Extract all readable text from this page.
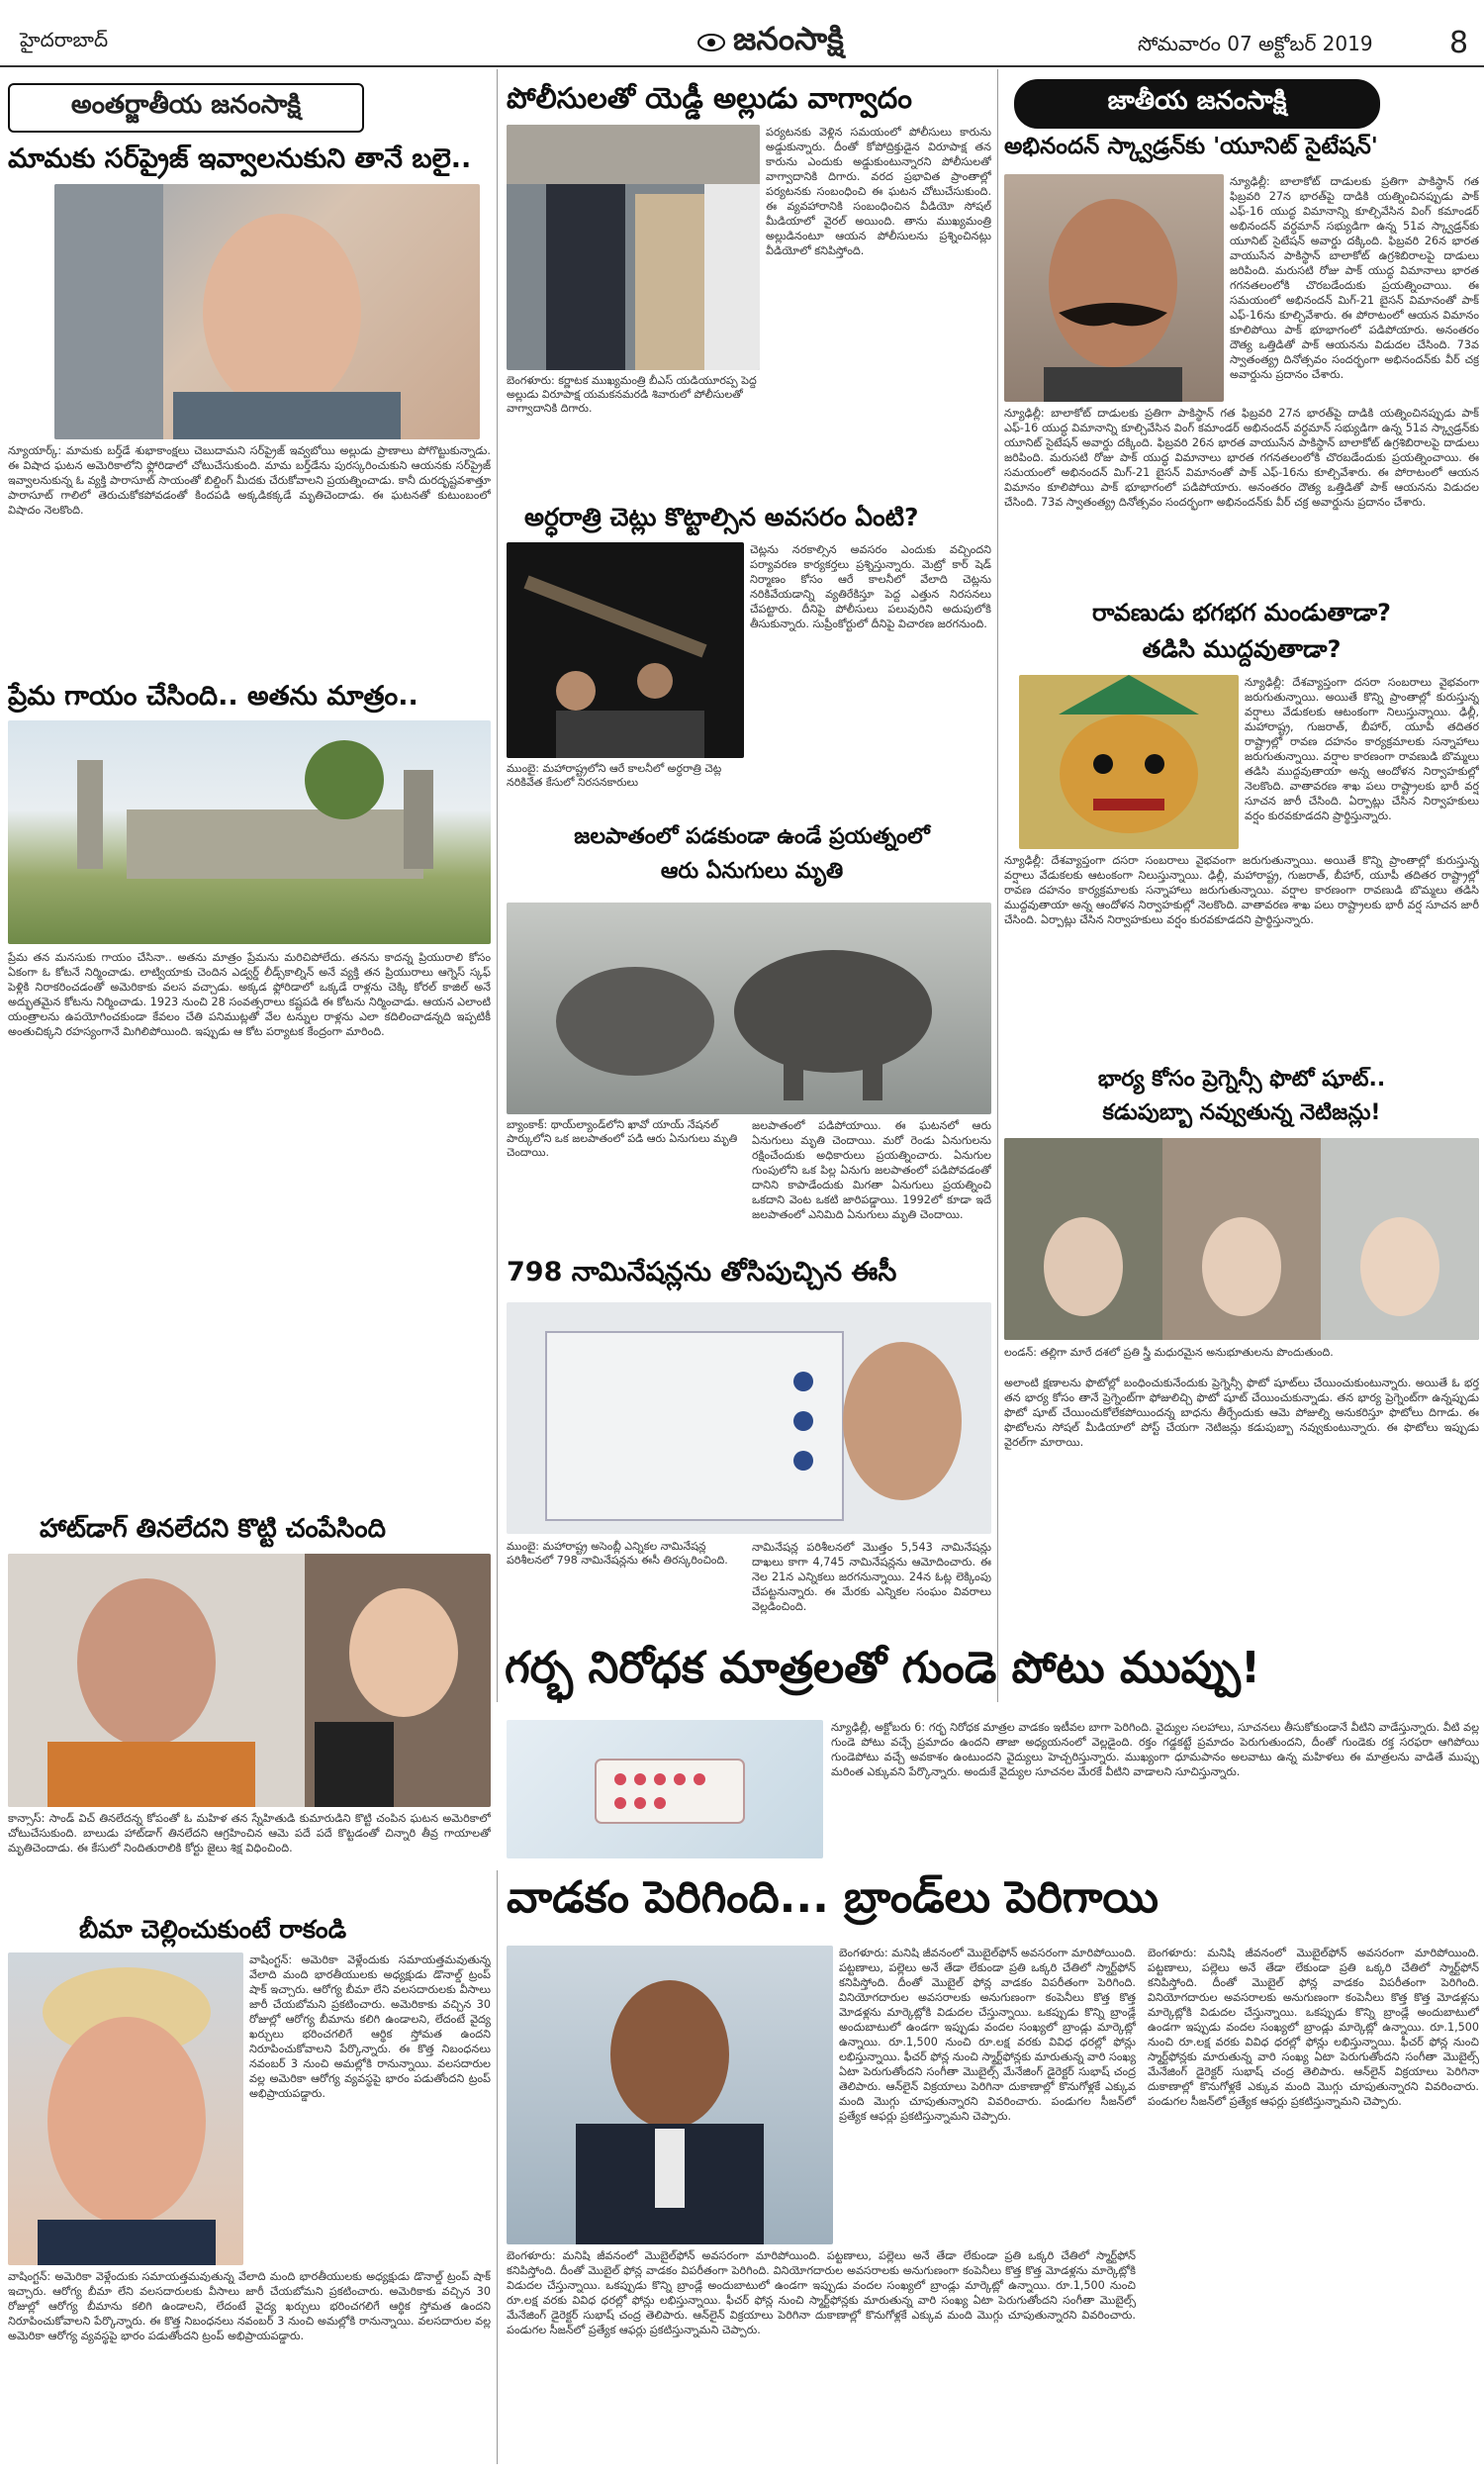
హైదరాబాద్	జనంసాక్షి	సోమవారం 07 అక్టోబర్ 2019	8
అంతర్జాతీయ జనంసాక్షి
మామకు సర్‌ప్రైజ్ ఇవ్వాలనుకుని తానే బలై..
న్యూయార్క్: మామకు బర్త్‌డే శుభాకాంక్షలు చెబుదామని సర్‌ప్రైజ్ ఇవ్వబోయి అల్లుడు ప్రాణాలు పోగొట్టుకున్నాడు. ఈ విషాద ఘటన అమెరికాలోని ఫ్లోరిడాలో చోటుచేసుకుంది. మామ బర్త్‌డేను పురస్కరించుకుని ఆయనకు సర్‌ప్రైజ్ ఇవ్వాలనుకున్న ఓ వ్యక్తి పారాసూట్ సాయంతో బిల్డింగ్ మీదకు చేరుకోవాలని ప్రయత్నించాడు. కానీ దురదృష్టవశాత్తూ పారాసూట్ గాలిలో తెరుచుకోకపోవడంతో కిందపడి అక్కడికక్కడే మృతిచెందాడు. ఈ ఘటనతో కుటుంబంలో విషాదం నెలకొంది.
ప్రేమ గాయం చేసింది.. అతను మాత్రం..
ప్రేమ తన మనసుకు గాయం చేసినా.. అతను మాత్రం ప్రేమను మరిచిపోలేదు. తనను కాదన్న ప్రియురాలి కోసం ఏకంగా ఓ కోటనే నిర్మించాడు. లాట్వియాకు చెందిన ఎడ్వర్డ్ లీడ్స్‌కాల్నిన్ అనే వ్యక్తి తన ప్రియురాలు ఆగ్నెస్ స్కఫ్ పెళ్లికి నిరాకరించడంతో అమెరికాకు వలస వచ్చాడు. అక్కడ ఫ్లోరిడాలో ఒక్కడే రాళ్లను చెక్కి కోరల్ కాజిల్ అనే అద్భుతమైన కోటను నిర్మించాడు. 1923 నుంచి 28 సంవత్సరాలు కష్టపడి ఈ కోటను నిర్మించాడు. ఆయన ఎలాంటి యంత్రాలను ఉపయోగించకుండా కేవలం చేతి పనిముట్లతో వేల టన్నుల రాళ్లను ఎలా కదిలించాడన్నది ఇప్పటికీ అంతుచిక్కని రహస్యంగానే మిగిలిపోయింది. ఇప్పుడు ఆ కోట పర్యాటక కేంద్రంగా మారింది.
హాట్‌డాగ్ తినలేదని కొట్టి చంపేసింది
కాన్సాస్: సాండ్ విచ్ తినలేదన్న కోపంతో ఓ మహిళ తన స్నేహితుడి కుమారుడిని కొట్టి చంపిన ఘటన అమెరికాలో చోటుచేసుకుంది. బాలుడు హాట్‌డాగ్ తినలేదని ఆగ్రహించిన ఆమె పదే పదే కొట్టడంతో చిన్నారి తీవ్ర గాయాలతో మృతిచెందాడు. ఈ కేసులో నిందితురాలికి కోర్టు జైలు శిక్ష విధించింది.
బీమా చెల్లించుకుంటే రాకండి
వాషింగ్టన్: అమెరికా వెళ్లేందుకు సమాయత్తమవుతున్న వేలాది మంది భారతీయులకు అధ్యక్షుడు డొనాల్డ్ ట్రంప్ షాక్ ఇచ్చారు. ఆరోగ్య బీమా లేని వలసదారులకు వీసాలు జారీ చేయబోమని ప్రకటించారు. అమెరికాకు వచ్చిన 30 రోజుల్లో ఆరోగ్య బీమాను కలిగి ఉండాలని, లేదంటే వైద్య ఖర్చులు భరించగలిగే ఆర్థిక స్తోమత ఉందని నిరూపించుకోవాలని పేర్కొన్నారు. ఈ కొత్త నిబంధనలు నవంబర్ 3 నుంచి అమల్లోకి రానున్నాయి. వలసదారుల వల్ల అమెరికా ఆరోగ్య వ్యవస్థపై భారం పడుతోందని ట్రంప్ అభిప్రాయపడ్డారు.
వాషింగ్టన్: అమెరికా వెళ్లేందుకు సమాయత్తమవుతున్న వేలాది మంది భారతీయులకు అధ్యక్షుడు డొనాల్డ్ ట్రంప్ షాక్ ఇచ్చారు. ఆరోగ్య బీమా లేని వలసదారులకు వీసాలు జారీ చేయబోమని ప్రకటించారు. అమెరికాకు వచ్చిన 30 రోజుల్లో ఆరోగ్య బీమాను కలిగి ఉండాలని, లేదంటే వైద్య ఖర్చులు భరించగలిగే ఆర్థిక స్తోమత ఉందని నిరూపించుకోవాలని పేర్కొన్నారు. ఈ కొత్త నిబంధనలు నవంబర్ 3 నుంచి అమల్లోకి రానున్నాయి. వలసదారుల వల్ల అమెరికా ఆరోగ్య వ్యవస్థపై భారం పడుతోందని ట్రంప్ అభిప్రాయపడ్డారు.
పోలీసులతో యెడ్డీ అల్లుడు వాగ్వాదం
బెంగళూరు: కర్ణాటక ముఖ్యమంత్రి బీఎస్ యడియూరప్ప పెద్ద అల్లుడు విరూపాక్ష యమకనమరడి శివారులో పోలీసులతో వాగ్వాదానికి దిగారు.
పర్యటనకు వెళ్లిన సమయంలో పోలీసులు కారును అడ్డుకున్నారు. దీంతో కోపోద్రిక్తుడైన విరూపాక్ష తన కారును ఎందుకు అడ్డుకుంటున్నారని పోలీసులతో వాగ్వాదానికి దిగారు. వరద ప్రభావిత ప్రాంతాల్లో పర్యటనకు సంబంధించి ఈ ఘటన చోటుచేసుకుంది. ఈ వ్యవహారానికి సంబంధించిన వీడియో సోషల్ మీడియాలో వైరల్ అయింది. తాను ముఖ్యమంత్రి అల్లుడినంటూ ఆయన పోలీసులను ప్రశ్నించినట్లు వీడియోలో కనిపిస్తోంది.
అర్ధరాత్రి చెట్లు కొట్టాల్సిన అవసరం ఏంటి?
ముంబై: మహారాష్ట్రలోని ఆరే కాలనీలో అర్ధరాత్రి చెట్ల నరికివేత కేసులో నిరసనకారులు
చెట్లను నరకాల్సిన అవసరం ఎందుకు వచ్చిందని పర్యావరణ కార్యకర్తలు ప్రశ్నిస్తున్నారు. మెట్రో కార్ షెడ్ నిర్మాణం కోసం ఆరే కాలనీలో వేలాది చెట్లను నరికివేయడాన్ని వ్యతిరేకిస్తూ పెద్ద ఎత్తున నిరసనలు చేపట్టారు. దీనిపై పోలీసులు పలువురిని అదుపులోకి తీసుకున్నారు. సుప్రీంకోర్టులో దీనిపై విచారణ జరగనుంది.
జలపాతంలో పడకుండా ఉండే ప్రయత్నంలో
ఆరు ఏనుగులు మృతి
బ్యాంకాక్: థాయ్‌ల్యాండ్‌లోని ఖావో యాయ్ నేషనల్ పార్కులోని ఒక జలపాతంలో పడి ఆరు ఏనుగులు మృతి చెందాయి.
జలపాతంలో పడిపోయాయి. ఈ ఘటనలో ఆరు ఏనుగులు మృతి చెందాయి. మరో రెండు ఏనుగులను రక్షించేందుకు అధికారులు ప్రయత్నించారు. ఏనుగుల గుంపులోని ఒక పిల్ల ఏనుగు జలపాతంలో పడిపోవడంతో దానిని కాపాడేందుకు మిగతా ఏనుగులు ప్రయత్నించి ఒకదాని వెంట ఒకటి జారిపడ్డాయి. 1992లో కూడా ఇదే జలపాతంలో ఎనిమిది ఏనుగులు మృతి చెందాయి.
798 నామినేషన్లను తోసిపుచ్చిన ఈసీ
ముంబై: మహారాష్ట్ర అసెంబ్లీ ఎన్నికల నామినేషన్ల పరిశీలనలో 798 నామినేషన్లను ఈసీ తిరస్కరించింది.
నామినేషన్ల పరిశీలనలో మొత్తం 5,543 నామినేషన్లు దాఖలు కాగా 4,745 నామినేషన్లను ఆమోదించారు. ఈ నెల 21న ఎన్నికలు జరగనున్నాయి. 24న ఓట్ల లెక్కింపు చేపట్టనున్నారు. ఈ మేరకు ఎన్నికల సంఘం వివరాలు వెల్లడించింది.
జాతీయ జనంసాక్షి
అభినందన్ స్క్వాడ్రన్‌కు 'యూనిట్ సైటేషన్'
న్యూఢిల్లీ: బాలాకోట్ దాడులకు ప్రతిగా పాకిస్థాన్ గత ఫిబ్రవరి 27న భారత్‌పై దాడికి యత్నించినప్పుడు పాక్ ఎఫ్-16 యుద్ధ విమానాన్ని కూల్చివేసిన వింగ్ కమాండర్ అభినందన్ వర్ధమాన్ సభ్యుడిగా ఉన్న 51వ స్క్వాడ్రన్‌కు యూనిట్ సైటేషన్ అవార్డు దక్కింది. ఫిబ్రవరి 26న భారత వాయుసేన పాకిస్థాన్ బాలాకోట్ ఉగ్రశిబిరాలపై దాడులు జరిపింది. మరుసటి రోజు పాక్ యుద్ధ విమానాలు భారత గగనతలంలోకి చొరబడేందుకు ప్రయత్నించాయి. ఈ సమయంలో అభినందన్ మిగ్-21 బైసన్ విమానంతో పాక్ ఎఫ్-16ను కూల్చివేశారు. ఈ పోరాటంలో ఆయన విమానం కూలిపోయి పాక్ భూభాగంలో పడిపోయారు. అనంతరం దౌత్య ఒత్తిడితో పాక్ ఆయనను విడుదల చేసింది. 73వ స్వాతంత్య్ర దినోత్సవం సందర్భంగా అభినందన్‌కు వీర్ చక్ర అవార్డును ప్రదానం చేశారు.
న్యూఢిల్లీ: బాలాకోట్ దాడులకు ప్రతిగా పాకిస్థాన్ గత ఫిబ్రవరి 27న భారత్‌పై దాడికి యత్నించినప్పుడు పాక్ ఎఫ్-16 యుద్ధ విమానాన్ని కూల్చివేసిన వింగ్ కమాండర్ అభినందన్ వర్ధమాన్ సభ్యుడిగా ఉన్న 51వ స్క్వాడ్రన్‌కు యూనిట్ సైటేషన్ అవార్డు దక్కింది. ఫిబ్రవరి 26న భారత వాయుసేన పాకిస్థాన్ బాలాకోట్ ఉగ్రశిబిరాలపై దాడులు జరిపింది. మరుసటి రోజు పాక్ యుద్ధ విమానాలు భారత గగనతలంలోకి చొరబడేందుకు ప్రయత్నించాయి. ఈ సమయంలో అభినందన్ మిగ్-21 బైసన్ విమానంతో పాక్ ఎఫ్-16ను కూల్చివేశారు. ఈ పోరాటంలో ఆయన విమానం కూలిపోయి పాక్ భూభాగంలో పడిపోయారు. అనంతరం దౌత్య ఒత్తిడితో పాక్ ఆయనను విడుదల చేసింది. 73వ స్వాతంత్య్ర దినోత్సవం సందర్భంగా అభినందన్‌కు వీర్ చక్ర అవార్డును ప్రదానం చేశారు.
రావణుడు భగభగ మండుతాడా?
తడిసి ముద్దవుతాడా?
న్యూఢిల్లీ: దేశవ్యాప్తంగా దసరా సంబరాలు వైభవంగా జరుగుతున్నాయి. అయితే కొన్ని ప్రాంతాల్లో కురుస్తున్న వర్షాలు వేడుకలకు ఆటంకంగా నిలుస్తున్నాయి. ఢిల్లీ, మహారాష్ట్ర, గుజరాత్, బీహార్, యూపీ తదితర రాష్ట్రాల్లో రావణ దహనం కార్యక్రమాలకు సన్నాహాలు జరుగుతున్నాయి. వర్షాల కారణంగా రావణుడి బొమ్మలు తడిసి ముద్దవుతాయా అన్న ఆందోళన నిర్వాహకుల్లో నెలకొంది. వాతావరణ శాఖ పలు రాష్ట్రాలకు భారీ వర్ష సూచన జారీ చేసింది. ఏర్పాట్లు చేసిన నిర్వాహకులు వర్షం కురవకూడదని ప్రార్థిస్తున్నారు.
న్యూఢిల్లీ: దేశవ్యాప్తంగా దసరా సంబరాలు వైభవంగా జరుగుతున్నాయి. అయితే కొన్ని ప్రాంతాల్లో కురుస్తున్న వర్షాలు వేడుకలకు ఆటంకంగా నిలుస్తున్నాయి. ఢిల్లీ, మహారాష్ట్ర, గుజరాత్, బీహార్, యూపీ తదితర రాష్ట్రాల్లో రావణ దహనం కార్యక్రమాలకు సన్నాహాలు జరుగుతున్నాయి. వర్షాల కారణంగా రావణుడి బొమ్మలు తడిసి ముద్దవుతాయా అన్న ఆందోళన నిర్వాహకుల్లో నెలకొంది. వాతావరణ శాఖ పలు రాష్ట్రాలకు భారీ వర్ష సూచన జారీ చేసింది. ఏర్పాట్లు చేసిన నిర్వాహకులు వర్షం కురవకూడదని ప్రార్థిస్తున్నారు.
భార్య కోసం ప్రెగ్నెన్సీ ఫొటో షూట్..
కడుపుబ్బా నవ్వుతున్న నెటిజన్లు!
లండన్: తల్లిగా మారే దశలో ప్రతి స్త్రీ మధురమైన అనుభూతులను పొందుతుంది.
అలాంటి క్షణాలను ఫొటోల్లో బంధించుకునేందుకు ప్రెగ్నెన్సీ ఫొటో షూట్‌లు చేయించుకుంటున్నారు. అయితే ఓ భర్త తన భార్య కోసం తానే ప్రెగ్నెంట్‌గా ఫోజులిచ్చి ఫొటో షూట్ చేయించుకున్నాడు. తన భార్య ప్రెగ్నెంట్‌గా ఉన్నప్పుడు ఫొటో షూట్ చేయించుకోలేకపోయిందన్న బాధను తీర్చేందుకు ఆమె పోజుల్ని అనుకరిస్తూ ఫొటోలు దిగాడు. ఈ ఫొటోలను సోషల్ మీడియాలో పోస్ట్ చేయగా నెటిజన్లు కడుపుబ్బా నవ్వుకుంటున్నారు. ఈ ఫొటోలు ఇప్పుడు వైరల్‌గా మారాయి.
గర్భ నిరోధక మాత్రలతో గుండె పోటు ముప్పు!
న్యూఢిల్లీ, అక్టోబరు 6: గర్భ నిరోధక మాత్రల వాడకం ఇటీవల బాగా పెరిగింది. వైద్యుల సలహాలు, సూచనలు తీసుకోకుండానే వీటిని వాడేస్తున్నారు. వీటి వల్ల గుండె పోటు వచ్చే ప్రమాదం ఉందని తాజా అధ్యయనంలో వెల్లడైంది. రక్తం గడ్డకట్టే ప్రమాదం పెరుగుతుందని, దీంతో గుండెకు రక్త సరఫరా ఆగిపోయి గుండెపోటు వచ్చే అవకాశం ఉంటుందని వైద్యులు హెచ్చరిస్తున్నారు. ముఖ్యంగా ధూమపానం అలవాటు ఉన్న మహిళలు ఈ మాత్రలను వాడితే ముప్పు మరింత ఎక్కువని పేర్కొన్నారు. అందుకే వైద్యుల సూచనల మేరకే వీటిని వాడాలని సూచిస్తున్నారు.
వాడకం పెరిగింది... బ్రాండ్‌లు పెరిగాయి
బెంగళూరు: మనిషి జీవనంలో మొబైల్‌ఫోన్ అవసరంగా మారిపోయింది. పట్టణాలు, పల్లెలు అనే తేడా లేకుండా ప్రతి ఒక్కరి చేతిలో స్మార్ట్‌ఫోన్ కనిపిస్తోంది. దీంతో మొబైల్ ఫోన్ల వాడకం విపరీతంగా పెరిగింది. వినియోగదారుల అవసరాలకు అనుగుణంగా కంపెనీలు కొత్త కొత్త మోడళ్లను మార్కెట్లోకి విడుదల చేస్తున్నాయి. ఒకప్పుడు కొన్ని బ్రాండ్లే అందుబాటులో ఉండగా ఇప్పుడు వందల సంఖ్యలో బ్రాండ్లు మార్కెట్లో ఉన్నాయి. రూ.1,500 నుంచి రూ.లక్ష వరకు వివిధ ధరల్లో ఫోన్లు లభిస్తున్నాయి. ఫీచర్ ఫోన్ల నుంచి స్మార్ట్‌ఫోన్లకు మారుతున్న వారి సంఖ్య ఏటా పెరుగుతోందని సంగీతా మొబైల్స్ మేనేజింగ్ డైరెక్టర్ సుభాష్ చంద్ర తెలిపారు. ఆన్‌లైన్ విక్రయాలు పెరిగినా దుకాణాల్లో కొనుగోళ్లకే ఎక్కువ మంది మొగ్గు చూపుతున్నారని వివరించారు. పండుగల సీజన్‌లో ప్రత్యేక ఆఫర్లు ప్రకటిస్తున్నామని చెప్పారు.
బెంగళూరు: మనిషి జీవనంలో మొబైల్‌ఫోన్ అవసరంగా మారిపోయింది. పట్టణాలు, పల్లెలు అనే తేడా లేకుండా ప్రతి ఒక్కరి చేతిలో స్మార్ట్‌ఫోన్ కనిపిస్తోంది. దీంతో మొబైల్ ఫోన్ల వాడకం విపరీతంగా పెరిగింది. వినియోగదారుల అవసరాలకు అనుగుణంగా కంపెనీలు కొత్త కొత్త మోడళ్లను మార్కెట్లోకి విడుదల చేస్తున్నాయి. ఒకప్పుడు కొన్ని బ్రాండ్లే అందుబాటులో ఉండగా ఇప్పుడు వందల సంఖ్యలో బ్రాండ్లు మార్కెట్లో ఉన్నాయి. రూ.1,500 నుంచి రూ.లక్ష వరకు వివిధ ధరల్లో ఫోన్లు లభిస్తున్నాయి. ఫీచర్ ఫోన్ల నుంచి స్మార్ట్‌ఫోన్లకు మారుతున్న వారి సంఖ్య ఏటా పెరుగుతోందని సంగీతా మొబైల్స్ మేనేజింగ్ డైరెక్టర్ సుభాష్ చంద్ర తెలిపారు. ఆన్‌లైన్ విక్రయాలు పెరిగినా దుకాణాల్లో కొనుగోళ్లకే ఎక్కువ మంది మొగ్గు చూపుతున్నారని వివరించారు. పండుగల సీజన్‌లో ప్రత్యేక ఆఫర్లు ప్రకటిస్తున్నామని చెప్పారు.
బెంగళూరు: మనిషి జీవనంలో మొబైల్‌ఫోన్ అవసరంగా మారిపోయింది. పట్టణాలు, పల్లెలు అనే తేడా లేకుండా ప్రతి ఒక్కరి చేతిలో స్మార్ట్‌ఫోన్ కనిపిస్తోంది. దీంతో మొబైల్ ఫోన్ల వాడకం విపరీతంగా పెరిగింది. వినియోగదారుల అవసరాలకు అనుగుణంగా కంపెనీలు కొత్త కొత్త మోడళ్లను మార్కెట్లోకి విడుదల చేస్తున్నాయి. ఒకప్పుడు కొన్ని బ్రాండ్లే అందుబాటులో ఉండగా ఇప్పుడు వందల సంఖ్యలో బ్రాండ్లు మార్కెట్లో ఉన్నాయి. రూ.1,500 నుంచి రూ.లక్ష వరకు వివిధ ధరల్లో ఫోన్లు లభిస్తున్నాయి. ఫీచర్ ఫోన్ల నుంచి స్మార్ట్‌ఫోన్లకు మారుతున్న వారి సంఖ్య ఏటా పెరుగుతోందని సంగీతా మొబైల్స్ మేనేజింగ్ డైరెక్టర్ సుభాష్ చంద్ర తెలిపారు. ఆన్‌లైన్ విక్రయాలు పెరిగినా దుకాణాల్లో కొనుగోళ్లకే ఎక్కువ మంది మొగ్గు చూపుతున్నారని వివరించారు. పండుగల సీజన్‌లో ప్రత్యేక ఆఫర్లు ప్రకటిస్తున్నామని చెప్పారు.
